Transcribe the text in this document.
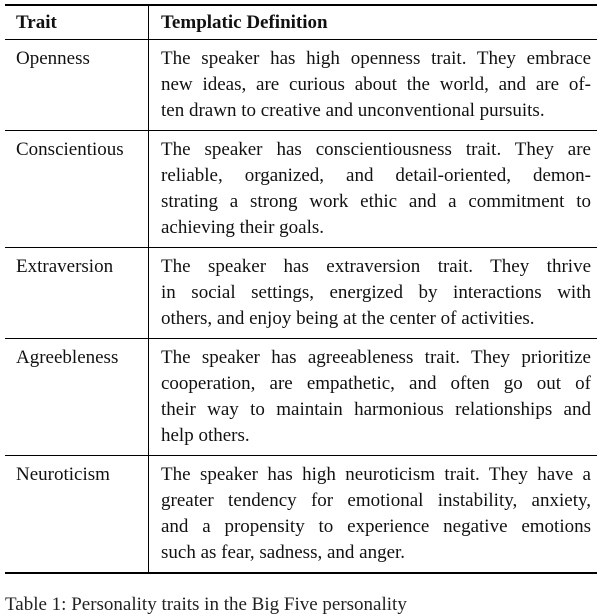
Trait	Templatic Definition
Openness	The speaker has high openness trait. They embrace
new ideas, are curious about the world, and are of-
ten drawn to creative and unconventional pursuits.

Conscientious	The speaker has conscientiousness trait. They are
reliable, organized, and detail-oriented, demon-
strating a strong work ethic and a commitment to
achieving their goals.

Extraversion	The speaker has extraversion trait. They thrive
in social settings, energized by interactions with
others, and enjoy being at the center of activities.

Agreebleness	The speaker has agreeableness trait. They prioritize
cooperation, are empathetic, and often go out of
their way to maintain harmonious relationships and
help others.

Neuroticism	The speaker has high neuroticism trait. They have a
greater tendency for emotional instability, anxiety,
and a propensity to experience negative emotions
such as fear, sadness, and anger.
Table 1: Personality traits in the Big Five personality
